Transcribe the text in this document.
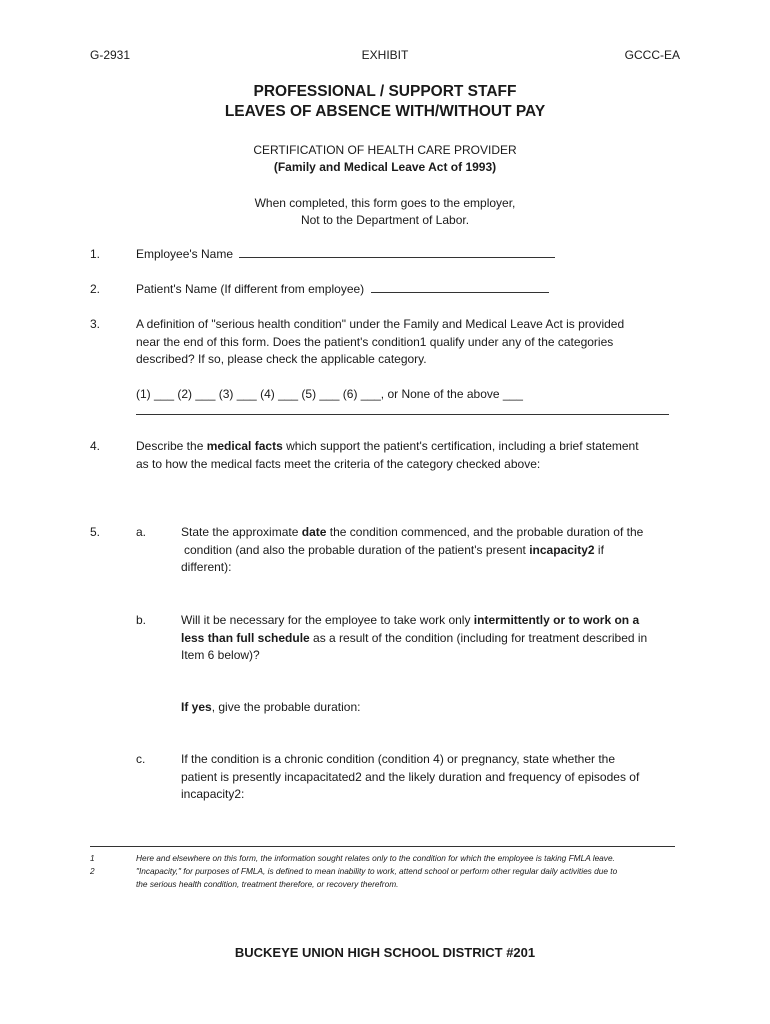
G-2931	EXHIBIT	GCCC-EA
PROFESSIONAL / SUPPORT STAFF
LEAVES OF ABSENCE WITH/WITHOUT PAY
CERTIFICATION OF HEALTH CARE PROVIDER
(Family and Medical Leave Act of 1993)
When completed, this form goes to the employer,
Not to the Department of Labor.
1.	Employee's Name
2.	Patient's Name (If different from employee)
3.	A definition of "serious health condition" under the Family and Medical Leave Act is provided
near the end of this form. Does the patient's condition1 qualify under any of the categories
described? If so, please check the applicable category.
(1) ___ (2) ___ (3) ___ (4) ___ (5) ___ (6) ___, or None of the above ___
4.	Describe the medical facts which support the patient's certification, including a brief statement
as to how the medical facts meet the criteria of the category checked above:
5.	a.	State the approximate date the condition commenced, and the probable duration of the
condition (and also the probable duration of the patient's present incapacity2 if
different):
b.	Will it be necessary for the employee to take work only intermittently or to work on a
less than full schedule as a result of the condition (including for treatment described in
Item 6 below)?
If yes, give the probable duration:
c.	If the condition is a chronic condition (condition 4) or pregnancy, state whether the
patient is presently incapacitated2 and the likely duration and frequency of episodes of
incapacity2:
1	Here and elsewhere on this form, the information sought relates only to the condition for which the employee is taking FMLA leave.
2	"Incapacity," for purposes of FMLA, is defined to mean inability to work, attend school or perform other regular daily activities due to
the serious health condition, treatment therefore, or recovery therefrom.
BUCKEYE UNION HIGH SCHOOL DISTRICT #201
